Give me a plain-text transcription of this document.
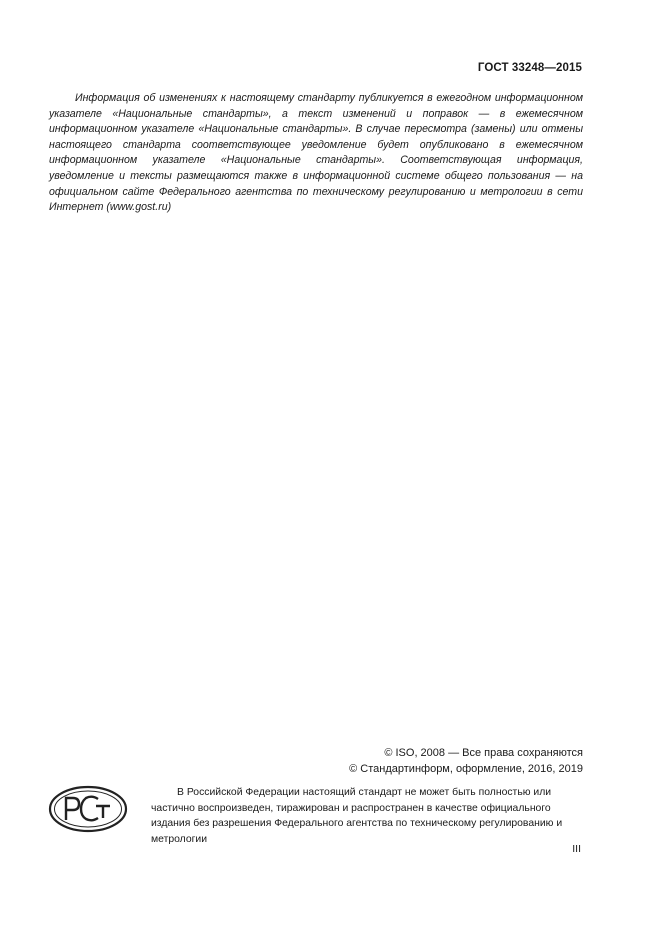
ГОСТ 33248—2015

Информация об изменениях к настоящему стандарту публикуется в ежегодном информационном указателе «Национальные стандарты», а текст изменений и поправок — в ежемесячном информационном указателе «Национальные стандарты». В случае пересмотра (замены) или отмены настоящего стандарта соответствующее уведомление будет опубликовано в ежемесячном информационном указателе «Национальные стандарты». Соответствующая информация, уведомление и тексты размещаются также в информационной системе общего пользования — на официальном сайте Федерального агентства по техническому регулированию и метрологии в сети Интернет (www.gost.ru)

© ISO, 2008 — Все права сохраняются
© Стандартинформ, оформление, 2016, 2019

В Российской Федерации настоящий стандарт не может быть полностью или частично воспроизведен, тиражирован и распространен в качестве официального издания без разрешения Федерального агентства по техническому регулированию и метрологии

III
